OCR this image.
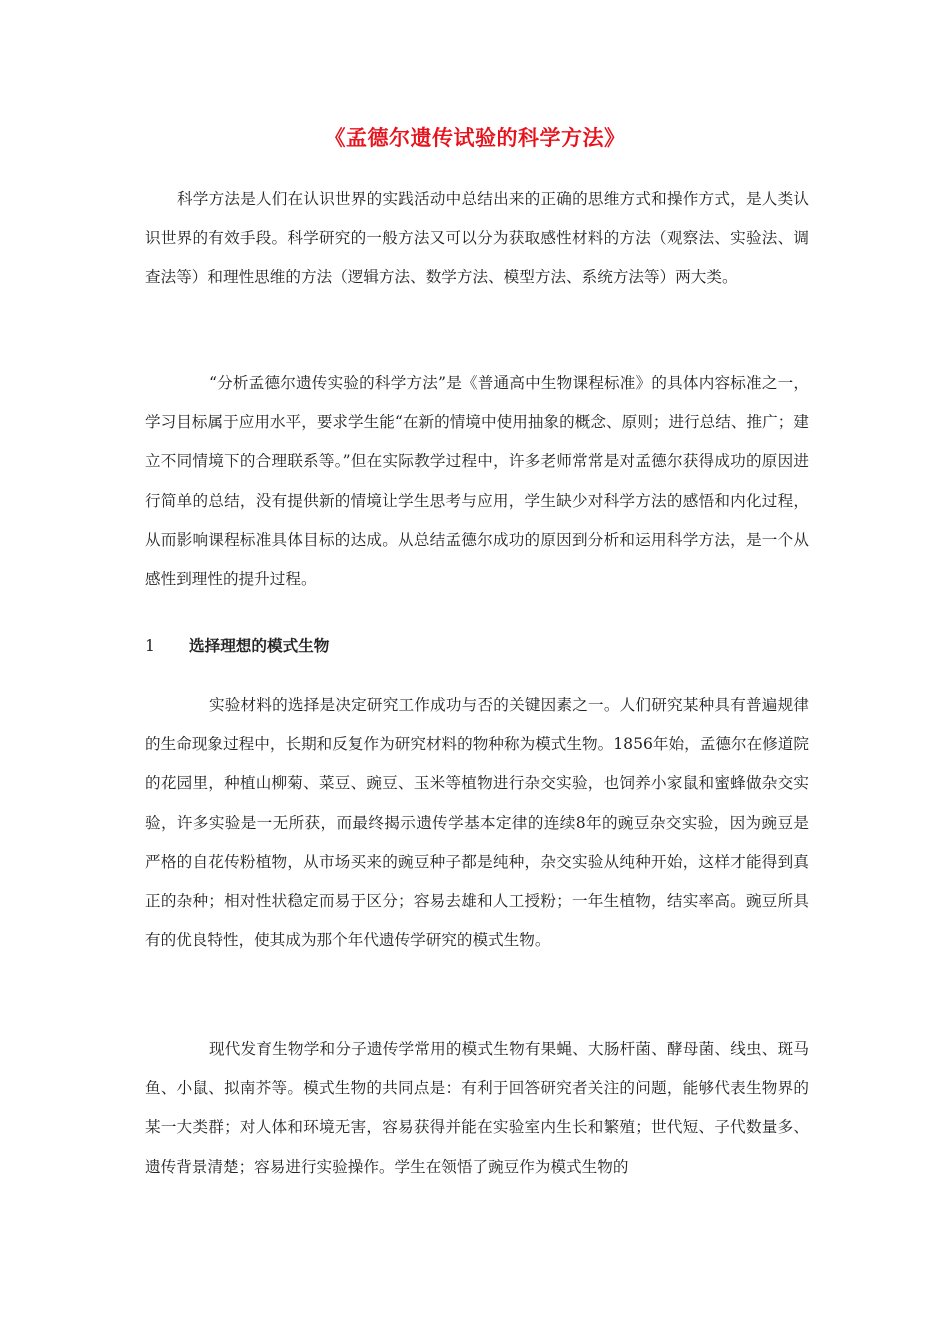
《孟德尔遗传试验的科学方法》

科学方法是人们在认识世界的实践活动中总结出来的正确的思维方式和操作方式，是人类认识世界的有效手段。科学研究的一般方法又可以分为获取感性材料的方法（观察法、实验法、调查法等）和理性思维的方法（逻辑方法、数学方法、模型方法、系统方法等）两大类。

“分析孟德尔遗传实验的科学方法”是《普通高中生物课程标准》的具体内容标准之一，学习目标属于应用水平，要求学生能“在新的情境中使用抽象的概念、原则；进行总结、推广；建立不同情境下的合理联系等。”但在实际教学过程中，许多老师常常是对孟德尔获得成功的原因进行简单的总结，没有提供新的情境让学生思考与应用，学生缺少对科学方法的感悟和内化过程，从而影响课程标准具体目标的达成。从总结孟德尔成功的原因到分析和运用科学方法，是一个从感性到理性的提升过程。

1 选择理想的模式生物

实验材料的选择是决定研究工作成功与否的关键因素之一。人们研究某种具有普遍规律的生命现象过程中，长期和反复作为研究材料的物种称为模式生物。1856年始，孟德尔在修道院的花园里，种植山柳菊、菜豆、豌豆、玉米等植物进行杂交实验，也饲养小家鼠和蜜蜂做杂交实验，许多实验是一无所获，而最终揭示遗传学基本定律的连续8年的豌豆杂交实验，因为豌豆是严格的自花传粉植物，从市场买来的豌豆种子都是纯种，杂交实验从纯种开始，这样才能得到真正的杂种；相对性状稳定而易于区分；容易去雄和人工授粉；一年生植物，结实率高。豌豆所具有的优良特性，使其成为那个年代遗传学研究的模式生物。

现代发育生物学和分子遗传学常用的模式生物有果蝇、大肠杆菌、酵母菌、线虫、斑马鱼、小鼠、拟南芥等。模式生物的共同点是：有利于回答研究者关注的问题，能够代表生物界的某一大类群；对人体和环境无害，容易获得并能在实验室内生长和繁殖；世代短、子代数量多、遗传背景清楚；容易进行实验操作。学生在领悟了豌豆作为模式生物的
